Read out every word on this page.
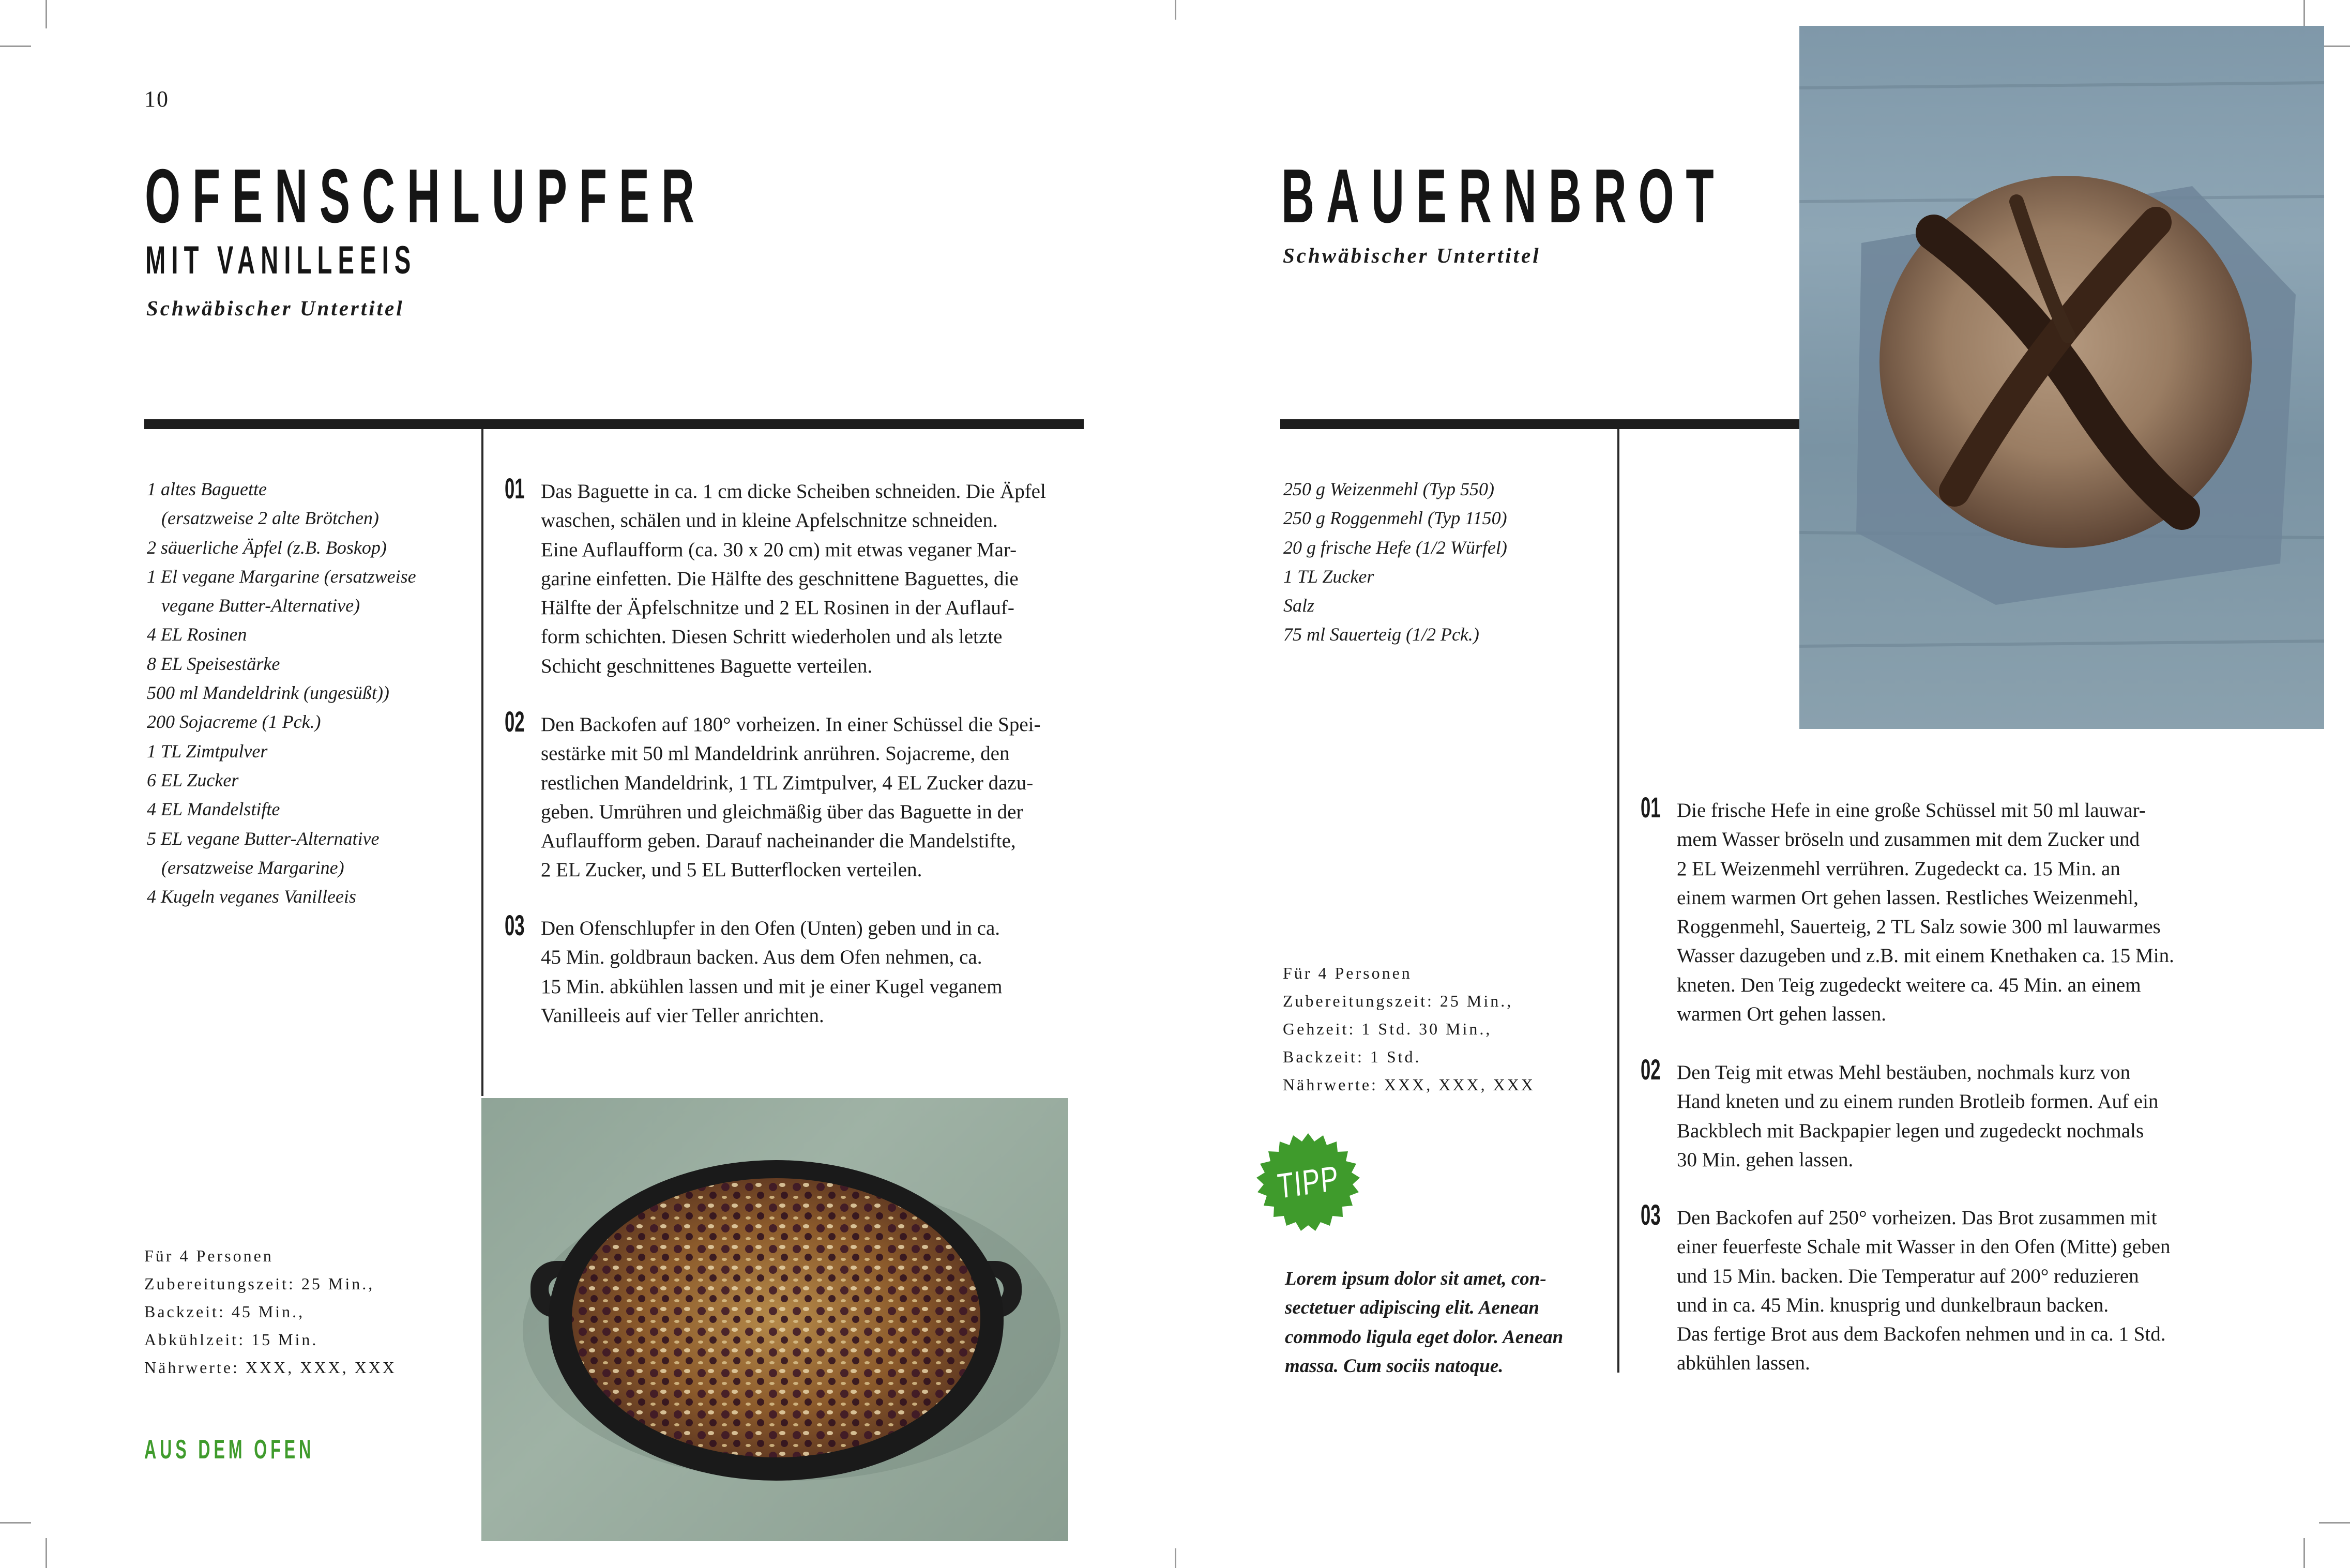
10
OFENSCHLUPFER
MIT VANILLEEIS
Schwäbischer Untertitel
1 altes Baguette
(ersatzweise 2 alte Brötchen)
2 säuerliche Äpfel (z.B. Boskop)
1 El vegane Margarine (ersatzweise
vegane Butter-Alternative)
4 EL Rosinen
8 EL Speisestärke
500 ml Mandeldrink (ungesüßt))
200 Sojacreme (1 Pck.)
1 TL Zimtpulver
6 EL Zucker
4 EL Mandelstifte
5 EL vegane Butter-Alternative
(ersatzweise Margarine)
4 Kugeln veganes Vanilleeis
01 Das Baguette in ca. 1 cm dicke Scheiben schneiden. Die Äpfel
waschen, schälen und in kleine Apfelschnitze schneiden.
Eine Auflaufform (ca. 30 x 20 cm) mit etwas veganer Mar-
garine einfetten. Die Hälfte des geschnittene Baguettes, die
Hälfte der Äpfelschnitze und 2 EL Rosinen in der Auflauf-
form schichten. Diesen Schritt wiederholen und als letzte
Schicht geschnittenes Baguette verteilen.
02 Den Backofen auf 180° vorheizen. In einer Schüssel die Spei-
sestärke mit 50 ml Mandeldrink anrühren. Sojacreme, den
restlichen Mandeldrink, 1 TL Zimtpulver, 4 EL Zucker dazu-
geben. Umrühren und gleichmäßig über das Baguette in der
Auflaufform geben. Darauf nacheinander die Mandelstifte,
2 EL Zucker, und 5 EL Butterflocken verteilen.
03 Den Ofenschlupfer in den Ofen (Unten) geben und in ca.
45 Min. goldbraun backen. Aus dem Ofen nehmen, ca.
15 Min. abkühlen lassen und mit je einer Kugel veganem
Vanilleeis auf vier Teller anrichten.
Für 4 Personen
Zubereitungszeit: 25 Min.,
Backzeit: 45 Min.,
Abkühlzeit: 15 Min.
Nährwerte: XXX, XXX, XXX
AUS DEM OFEN
BAUERNBROT
Schwäbischer Untertitel
250 g Weizenmehl (Typ 550)
250 g Roggenmehl (Typ 1150)
20 g frische Hefe (1/2 Würfel)
1 TL Zucker
Salz
75 ml Sauerteig (1/2 Pck.)
Für 4 Personen
Zubereitungszeit: 25 Min.,
Gehzeit: 1 Std. 30 Min.,
Backzeit: 1 Std.
Nährwerte: XXX, XXX, XXX
TIPP
Lorem ipsum dolor sit amet, con-
sectetuer adipiscing elit. Aenean
commodo ligula eget dolor. Aenean
massa. Cum sociis natoque.
01 Die frische Hefe in eine große Schüssel mit 50 ml lauwar-
mem Wasser bröseln und zusammen mit dem Zucker und
2 EL Weizenmehl verrühren. Zugedeckt ca. 15 Min. an
einem warmen Ort gehen lassen. Restliches Weizenmehl,
Roggenmehl, Sauerteig, 2 TL Salz sowie 300 ml lauwarmes
Wasser dazugeben und z.B. mit einem Knethaken ca. 15 Min.
kneten. Den Teig zugedeckt weitere ca. 45 Min. an einem
warmen Ort gehen lassen.
02 Den Teig mit etwas Mehl bestäuben, nochmals kurz von
Hand kneten und zu einem runden Brotleib formen. Auf ein
Backblech mit Backpapier legen und zugedeckt nochmals
30 Min. gehen lassen.
03 Den Backofen auf 250° vorheizen. Das Brot zusammen mit
einer feuerfeste Schale mit Wasser in den Ofen (Mitte) geben
und 15 Min. backen. Die Temperatur auf 200° reduzieren
und in ca. 45 Min. knusprig und dunkelbraun backen.
Das fertige Brot aus dem Backofen nehmen und in ca. 1 Std.
abkühlen lassen.
